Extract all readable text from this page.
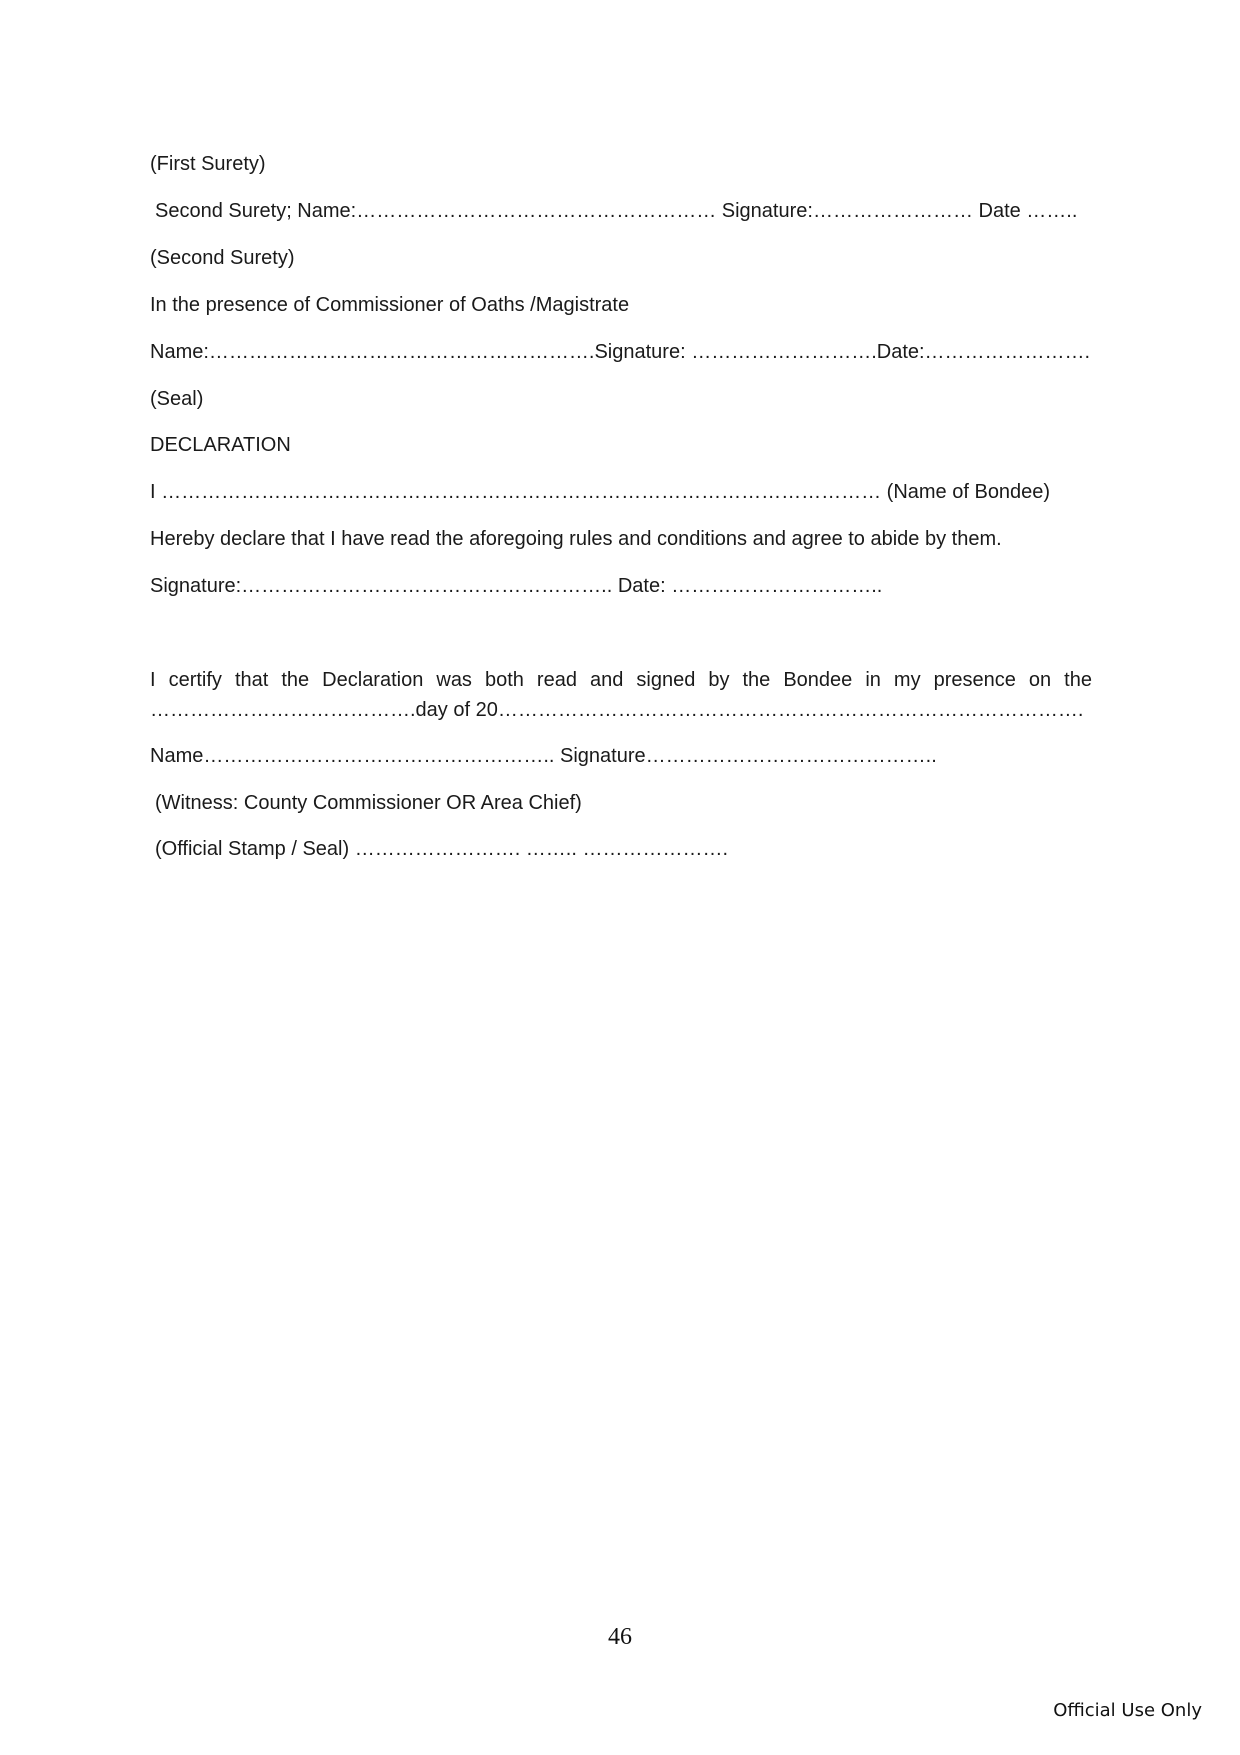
(First Surety)
Second Surety; Name:……………………………………………… Signature:…………………… Date ……..
(Second Surety)
In the presence of Commissioner of Oaths /Magistrate
Name:………………………………………………….Signature: ……………………….Date:…………………….
(Seal)
DECLARATION
I ……………………………………………………………………………………………… (Name of Bondee)
Hereby declare that I have read the aforegoing rules and conditions and agree to abide by them.
Signature:……………………………………………….. Date: …………………………..
I certify that the Declaration was both read and signed by the Bondee in my presence on the ………………………………….day of 20…………………………………………………………………………….
Name…………………………………………….. Signature……………………………………..
(Witness: County Commissioner OR Area Chief)
(Official Stamp / Seal) ……………………. …….. ………………….
46
Official Use Only
